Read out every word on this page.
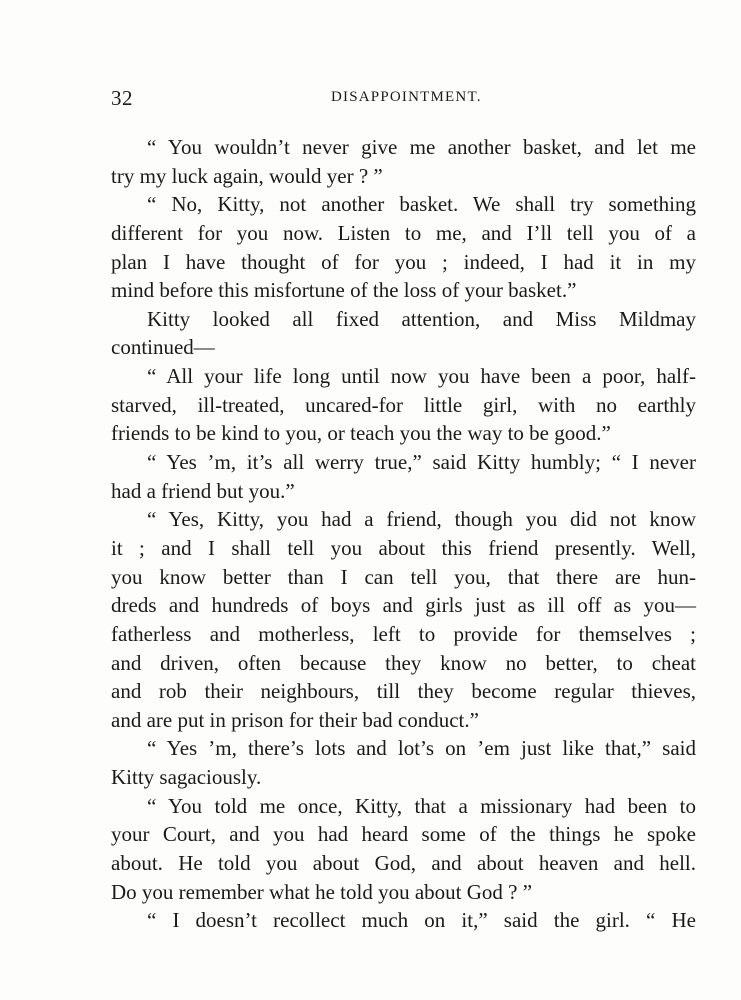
32	DISAPPOINTMENT.
“ You wouldn’t never give me another basket, and let me
try my luck again, would yer ? ”
“ No, Kitty, not another basket. We shall try something
different for you now. Listen to me, and I’ll tell you of a
plan I have thought of for you ; indeed, I had it in my
mind before this misfortune of the loss of your basket.”
Kitty looked all fixed attention, and Miss Mildmay
continued—
“ All your life long until now you have been a poor, half-
starved, ill-treated, uncared-for little girl, with no earthly
friends to be kind to you, or teach you the way to be good.”
“ Yes ’m, it’s all werry true,” said Kitty humbly; “ I never
had a friend but you.”
“ Yes, Kitty, you had a friend, though you did not know
it ; and I shall tell you about this friend presently. Well,
you know better than I can tell you, that there are hun-
dreds and hundreds of boys and girls just as ill off as you—
fatherless and motherless, left to provide for themselves ;
and driven, often because they know no better, to cheat
and rob their neighbours, till they become regular thieves,
and are put in prison for their bad conduct.”
“ Yes ’m, there’s lots and lot’s on ’em just like that,” said
Kitty sagaciously.
“ You told me once, Kitty, that a missionary had been to
your Court, and you had heard some of the things he spoke
about. He told you about God, and about heaven and hell.
Do you remember what he told you about God ? ”
“ I doesn’t recollect much on it,” said the girl. “ He
